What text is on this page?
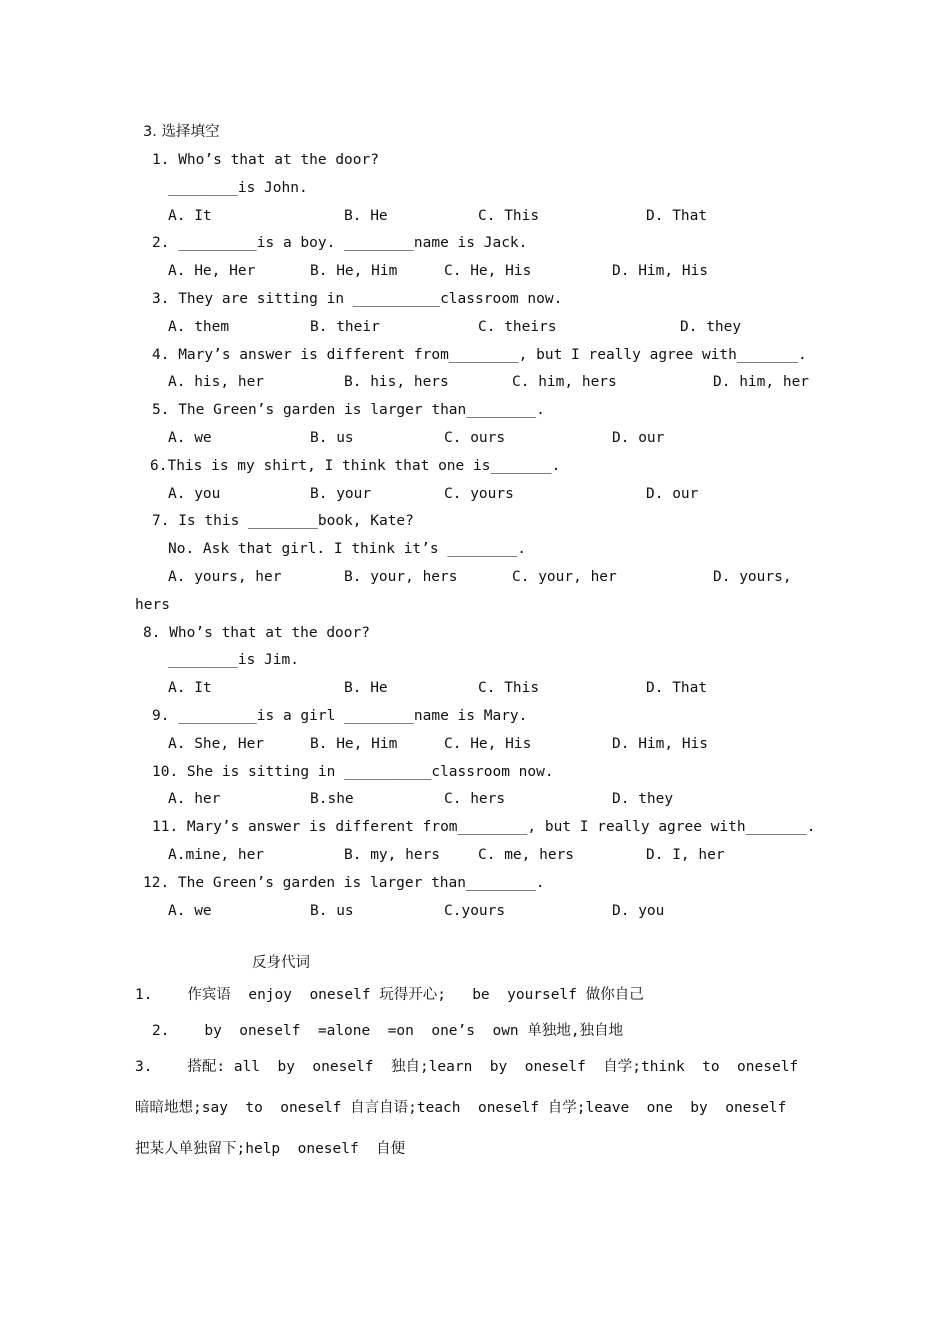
3. 选择填空
1. Who’s that at the door?
________is John.
A. It	B. He	C. This	D. That
2. _________is a boy. ________name is Jack.
A. He, Her	B. He, Him	C. He, His	D. Him, His
3. They are sitting in __________classroom now.
A. them	B. their	C. theirs	D. they
4. Mary’s answer is different from________, but I really agree with_______.
A. his, her	B. his, hers	C. him, hers	D. him, her
5. The Green’s garden is larger than________.
A. we	B. us	C. ours	D. our
6.This is my shirt, I think that one is_______.
A. you	B. your	C. yours	D. our
7. Is this ________book, Kate?
No. Ask that girl. I think it’s ________.
A. yours, her	B. your, hers	C. your, her	D. yours,
hers
8. Who’s that at the door?
________is Jim.
A. It	B. He	C. This	D. That
9. _________is a girl ________name is Mary.
A. She, Her	B. He, Him	C. He, His	D. Him, His
10. She is sitting in __________classroom now.
A. her	B.she	C. hers	D. they
11. Mary’s answer is different from________, but I really agree with_______.
A.mine, her	B. my, hers	C. me, hers	D. I, her
12. The Green’s garden is larger than________.
A. we	B. us	C.yours	D. you
反身代词
1.    作宾语  enjoy  oneself 玩得开心;   be  yourself 做你自己
2.    by  oneself  =alone  =on  one’s  own 单独地,独自地
3.    搭配: all  by  oneself  独自;learn  by  oneself  自学;think  to  oneself
暗暗地想;say  to  oneself 自言自语;teach  oneself 自学;leave  one  by  oneself
把某人单独留下;help  oneself  自便
